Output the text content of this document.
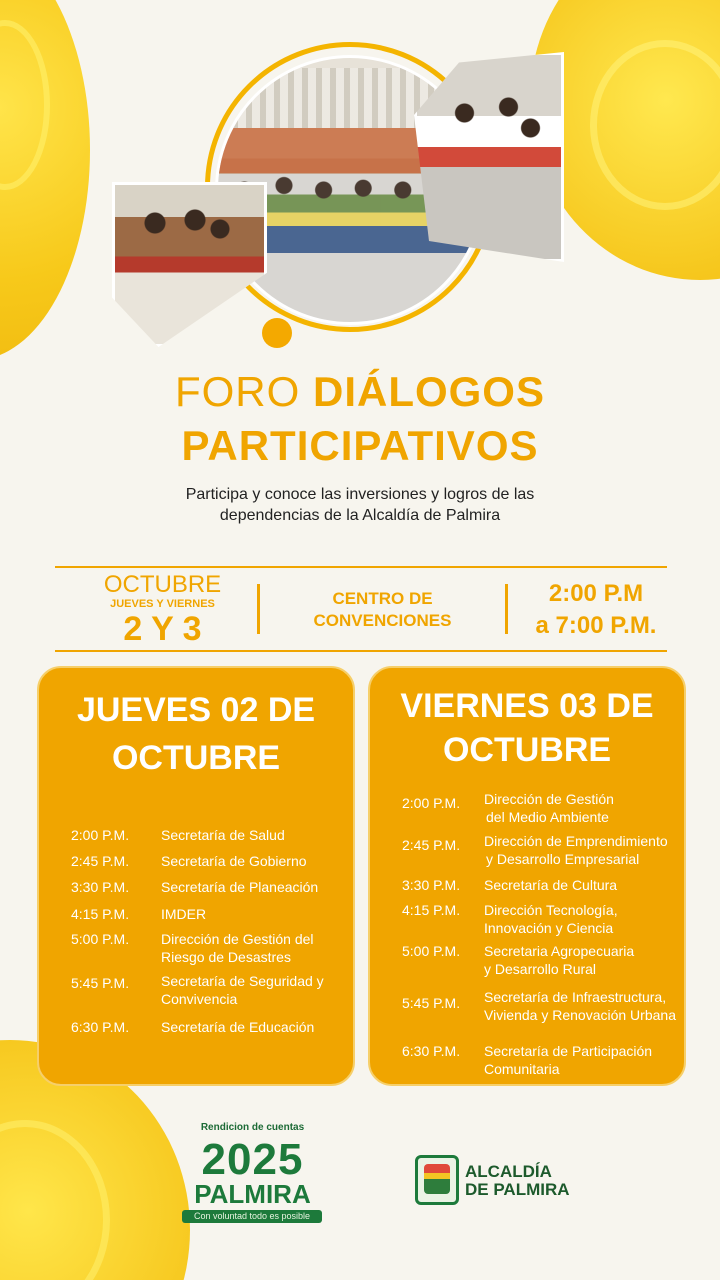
FORO DIÁLOGOS
PARTICIPATIVOS
Participa y conoce las inversiones y logros de las
dependencias de la Alcaldía de Palmira
OCTUBRE
JUEVES Y VIERNES
2 Y 3
CENTRO DE
CONVENCIONES
2:00 P.M
a 7:00 P.M.
JUEVES 02 DE
OCTUBRE
2:00 P.M. Secretaría de Salud
2:45 P.M. Secretaría de Gobierno
3:30 P.M. Secretaría de Planeación
4:15 P.M. IMDER
5:00 P.M. Dirección de Gestión del
Riesgo de Desastres
5:45 P.M. Secretaría de Seguridad y
Convivencia
6:30 P.M. Secretaría de Educación
VIERNES 03 DE
OCTUBRE
2:00 P.M. Dirección de Gestión
del Medio Ambiente
2:45 P.M. Dirección de Emprendimiento
y Desarrollo Empresarial
3:30 P.M. Secretaría de Cultura
4:15 P.M. Dirección Tecnología,
Innovación y Ciencia
5:00 P.M. Secretaria Agropecuaria
y Desarrollo Rural
5:45 P.M. Secretaría de Infraestructura,
Vivienda y Renovación Urbana
6:30 P.M. Secretaría de Participación
Comunitaria
Rendicion de cuentas
2025
PALMIRA
Con voluntad todo es posible
ALCALDÍA
DE PALMIRA
